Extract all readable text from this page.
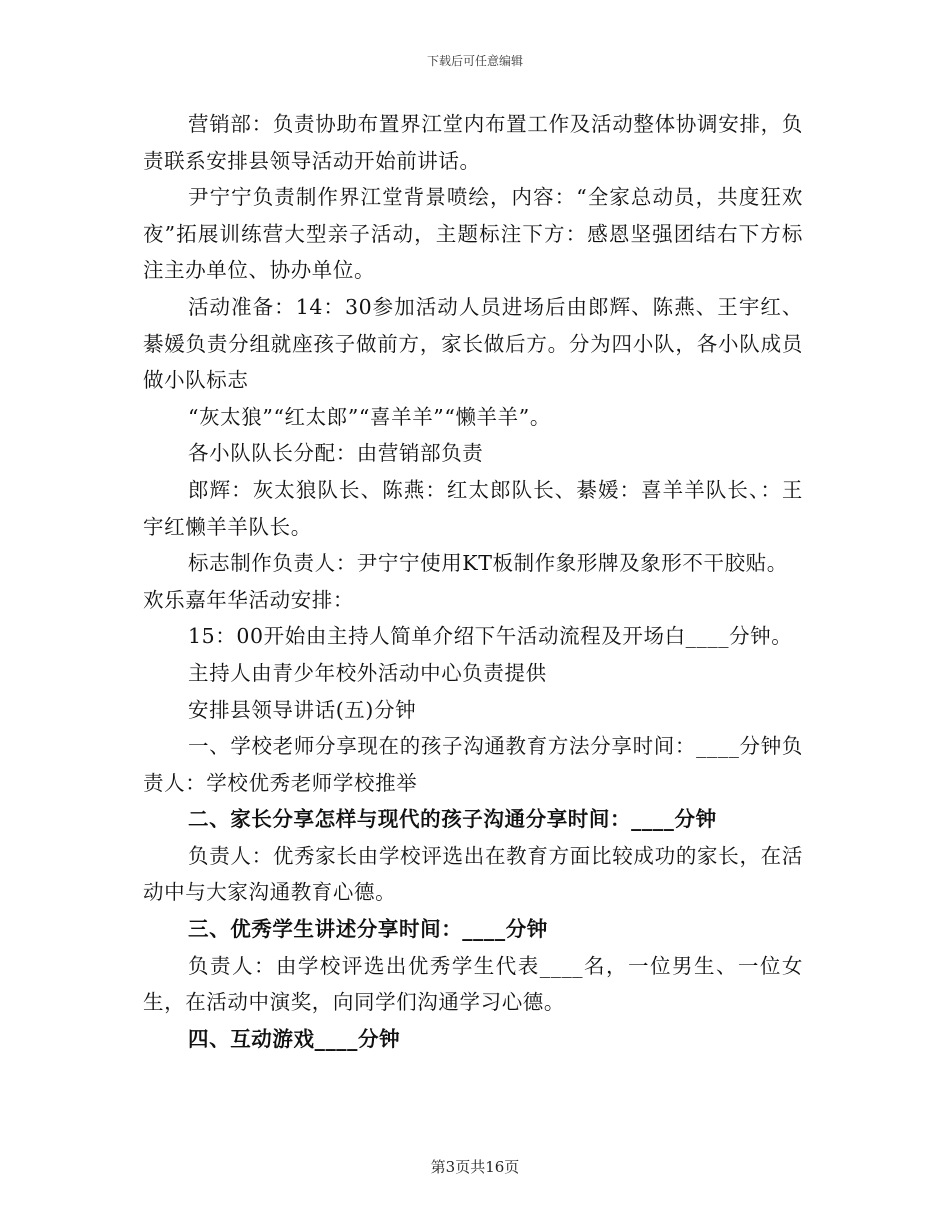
下载后可任意编辑

营销部：负责协助布置界江堂内布置工作及活动整体协调安排，负责联系安排县领导活动开始前讲话。

尹宁宁负责制作界江堂背景喷绘，内容：“全家总动员，共度狂欢夜”拓展训练营大型亲子活动，主题标注下方：感恩坚强团结右下方标注主办单位、协办单位。

活动准备：14：30参加活动人员进场后由郎辉、陈燕、王宇红、綦媛负责分组就座孩子做前方，家长做后方。分为四小队，各小队成员做小队标志

“灰太狼”“红太郎”“喜羊羊”“懒羊羊”。

各小队队长分配：由营销部负责

郎辉：灰太狼队长、陈燕：红太郎队长、綦媛：喜羊羊队长、：王宇红懒羊羊队长。

标志制作负责人：尹宁宁使用KT板制作象形牌及象形不干胶贴。

欢乐嘉年华活动安排：

15：00开始由主持人简单介绍下午活动流程及开场白____分钟。

主持人由青少年校外活动中心负责提供

安排县领导讲话(五)分钟

一、学校老师分享现在的孩子沟通教育方法分享时间：____分钟负责人：学校优秀老师学校推举

二、家长分享怎样与现代的孩子沟通分享时间：____分钟

负责人：优秀家长由学校评选出在教育方面比较成功的家长，在活动中与大家沟通教育心德。

三、优秀学生讲述分享时间：____分钟

负责人：由学校评选出优秀学生代表____名，一位男生、一位女生，在活动中演奖，向同学们沟通学习心德。

四、互动游戏____分钟

第3页共16页
